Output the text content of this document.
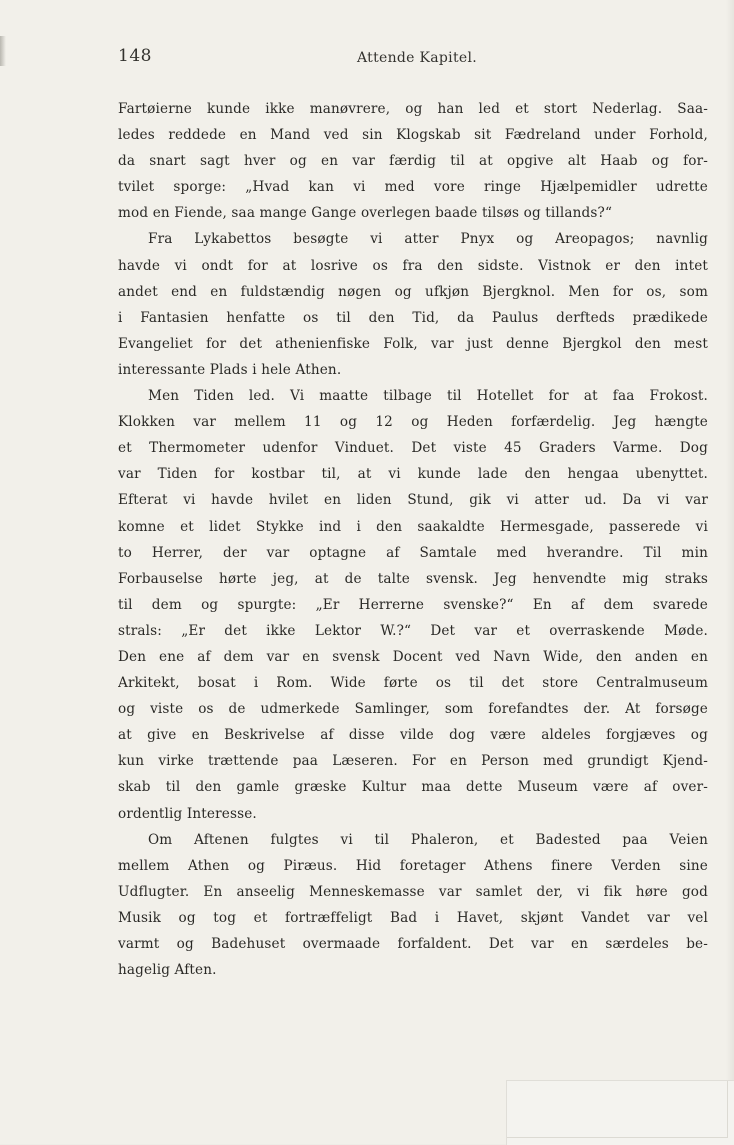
148	Attende Kapitel.
Fartøierne kunde ikke manøvrere, og han led et stort Nederlag. Saa-
ledes reddede en Mand ved sin Klogskab sit Fædreland under Forhold,
da snart sagt hver og en var færdig til at opgive alt Haab og for-
tvilet sporge: „Hvad kan vi med vore ringe Hjælpemidler udrette
mod en Fiende, saa mange Gange overlegen baade tilsøs og tillands?“
Fra Lykabettos besøgte vi atter Pnyx og Areopagos; navnlig
havde vi ondt for at losrive os fra den sidste. Vistnok er den intet
andet end en fuldstændig nøgen og ufkjøn Bjergknol. Men for os, som
i Fantasien henfatte os til den Tid, da Paulus derfteds prædikede
Evangeliet for det athenienfiske Folk, var just denne Bjergkol den mest
interessante Plads i hele Athen.
Men Tiden led. Vi maatte tilbage til Hotellet for at faa Frokost.
Klokken var mellem 11 og 12 og Heden forfærdelig. Jeg hængte
et Thermometer udenfor Vinduet. Det viste 45 Graders Varme. Dog
var Tiden for kostbar til, at vi kunde lade den hengaa ubenyttet.
Efterat vi havde hvilet en liden Stund, gik vi atter ud. Da vi var
komne et lidet Stykke ind i den saakaldte Hermesgade, passerede vi
to Herrer, der var optagne af Samtale med hverandre. Til min
Forbauselse hørte jeg, at de talte svensk. Jeg henvendte mig straks
til dem og spurgte: „Er Herrerne svenske?“ En af dem svarede
strals: „Er det ikke Lektor W.?“ Det var et overraskende Møde.
Den ene af dem var en svensk Docent ved Navn Wide, den anden en
Arkitekt, bosat i Rom. Wide førte os til det store Centralmuseum
og viste os de udmerkede Samlinger, som forefandtes der. At forsøge
at give en Beskrivelse af disse vilde dog være aldeles forgjæves og
kun virke trættende paa Læseren. For en Person med grundigt Kjend-
skab til den gamle græske Kultur maa dette Museum være af over-
ordentlig Interesse.
Om Aftenen fulgtes vi til Phaleron, et Badested paa Veien
mellem Athen og Piræus. Hid foretager Athens finere Verden sine
Udflugter. En anseelig Menneskemasse var samlet der, vi fik høre god
Musik og tog et fortræffeligt Bad i Havet, skjønt Vandet var vel
varmt og Badehuset overmaade forfaldent. Det var en særdeles be-
hagelig Aften.
